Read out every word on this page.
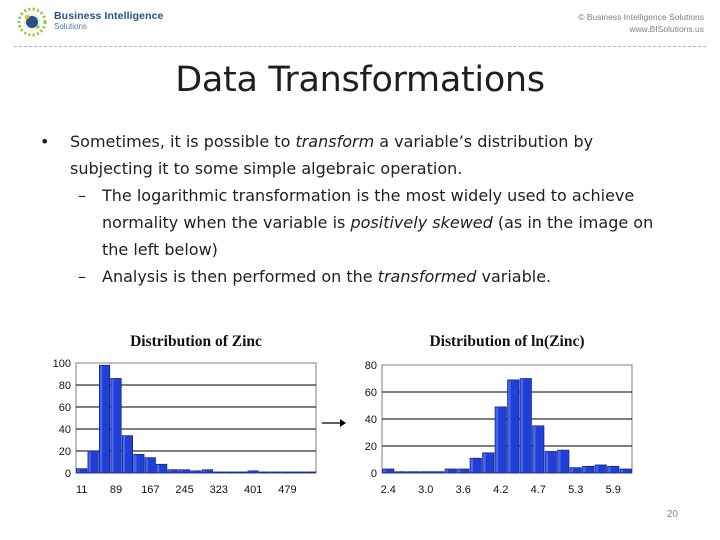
Business Intelligence
Solutions
© Business Intelligence Solutions
www.BISolutions.us
Data Transformations
• Sometimes, it is possible to transform a variable’s distribution by subjecting it to some simple algebraic operation.
– The logarithmic transformation is the most widely used to achieve normality when the variable is positively skewed (as in the image on the left below)
– Analysis is then performed on the transformed variable.
Distribution of Zinc
0
20
40
60
80
100
11 89 167 245 323 401 479
Distribution of ln(Zinc)
0
20
40
60
80
2.4 3.0 3.6 4.2 4.7 5.3 5.9
20
